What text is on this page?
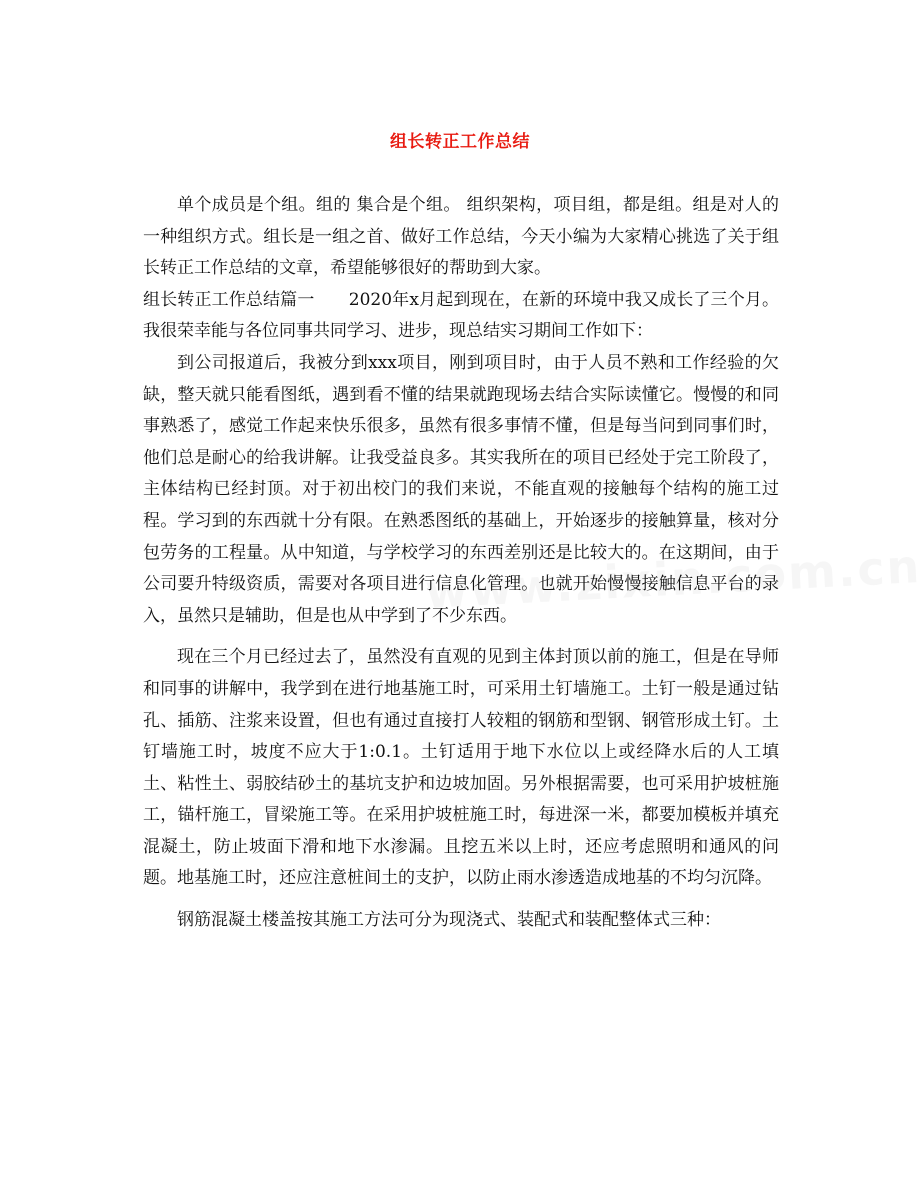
组长转正工作总结

单个成员是个组。组的 集合是个组。 组织架构，项目组，都是组。组是对人的一种组织方式。组长是一组之首、做好工作总结，今天小编为大家精心挑选了关于组长转正工作总结的文章，希望能够很好的帮助到大家。

组长转正工作总结篇一　　2020年x月起到现在，在新的环境中我又成长了三个月。我很荣幸能与各位同事共同学习、进步，现总结实习期间工作如下：

到公司报道后，我被分到xxx项目，刚到项目时，由于人员不熟和工作经验的欠缺，整天就只能看图纸，遇到看不懂的结果就跑现场去结合实际读懂它。慢慢的和同事熟悉了，感觉工作起来快乐很多，虽然有很多事情不懂，但是每当问到同事们时，他们总是耐心的给我讲解。让我受益良多。其实我所在的项目已经处于完工阶段了，主体结构已经封顶。对于初出校门的我们来说，不能直观的接触每个结构的施工过程。学习到的东西就十分有限。在熟悉图纸的基础上，开始逐步的接触算量，核对分包劳务的工程量。从中知道，与学校学习的东西差别还是比较大的。在这期间，由于公司要升特级资质，需要对各项目进行信息化管理。也就开始慢慢接触信息平台的录入，虽然只是辅助，但是也从中学到了不少东西。

现在三个月已经过去了，虽然没有直观的见到主体封顶以前的施工，但是在导师和同事的讲解中，我学到在进行地基施工时，可采用土钉墙施工。土钉一般是通过钻孔、插筋、注浆来设置，但也有通过直接打人较粗的钢筋和型钢、钢管形成土钉。土钉墙施工时，坡度不应大于1:0.1。土钉适用于地下水位以上或经降水后的人工填土、粘性土、弱胶结砂土的基坑支护和边坡加固。另外根据需要，也可采用护坡桩施工，锚杆施工，冒梁施工等。在采用护坡桩施工时，每进深一米，都要加模板并填充混凝土，防止坡面下滑和地下水渗漏。且挖五米以上时，还应考虑照明和通风的问题。地基施工时，还应注意桩间土的支护，以防止雨水渗透造成地基的不均匀沉降。

钢筋混凝土楼盖按其施工方法可分为现浇式、装配式和装配整体式三种：
